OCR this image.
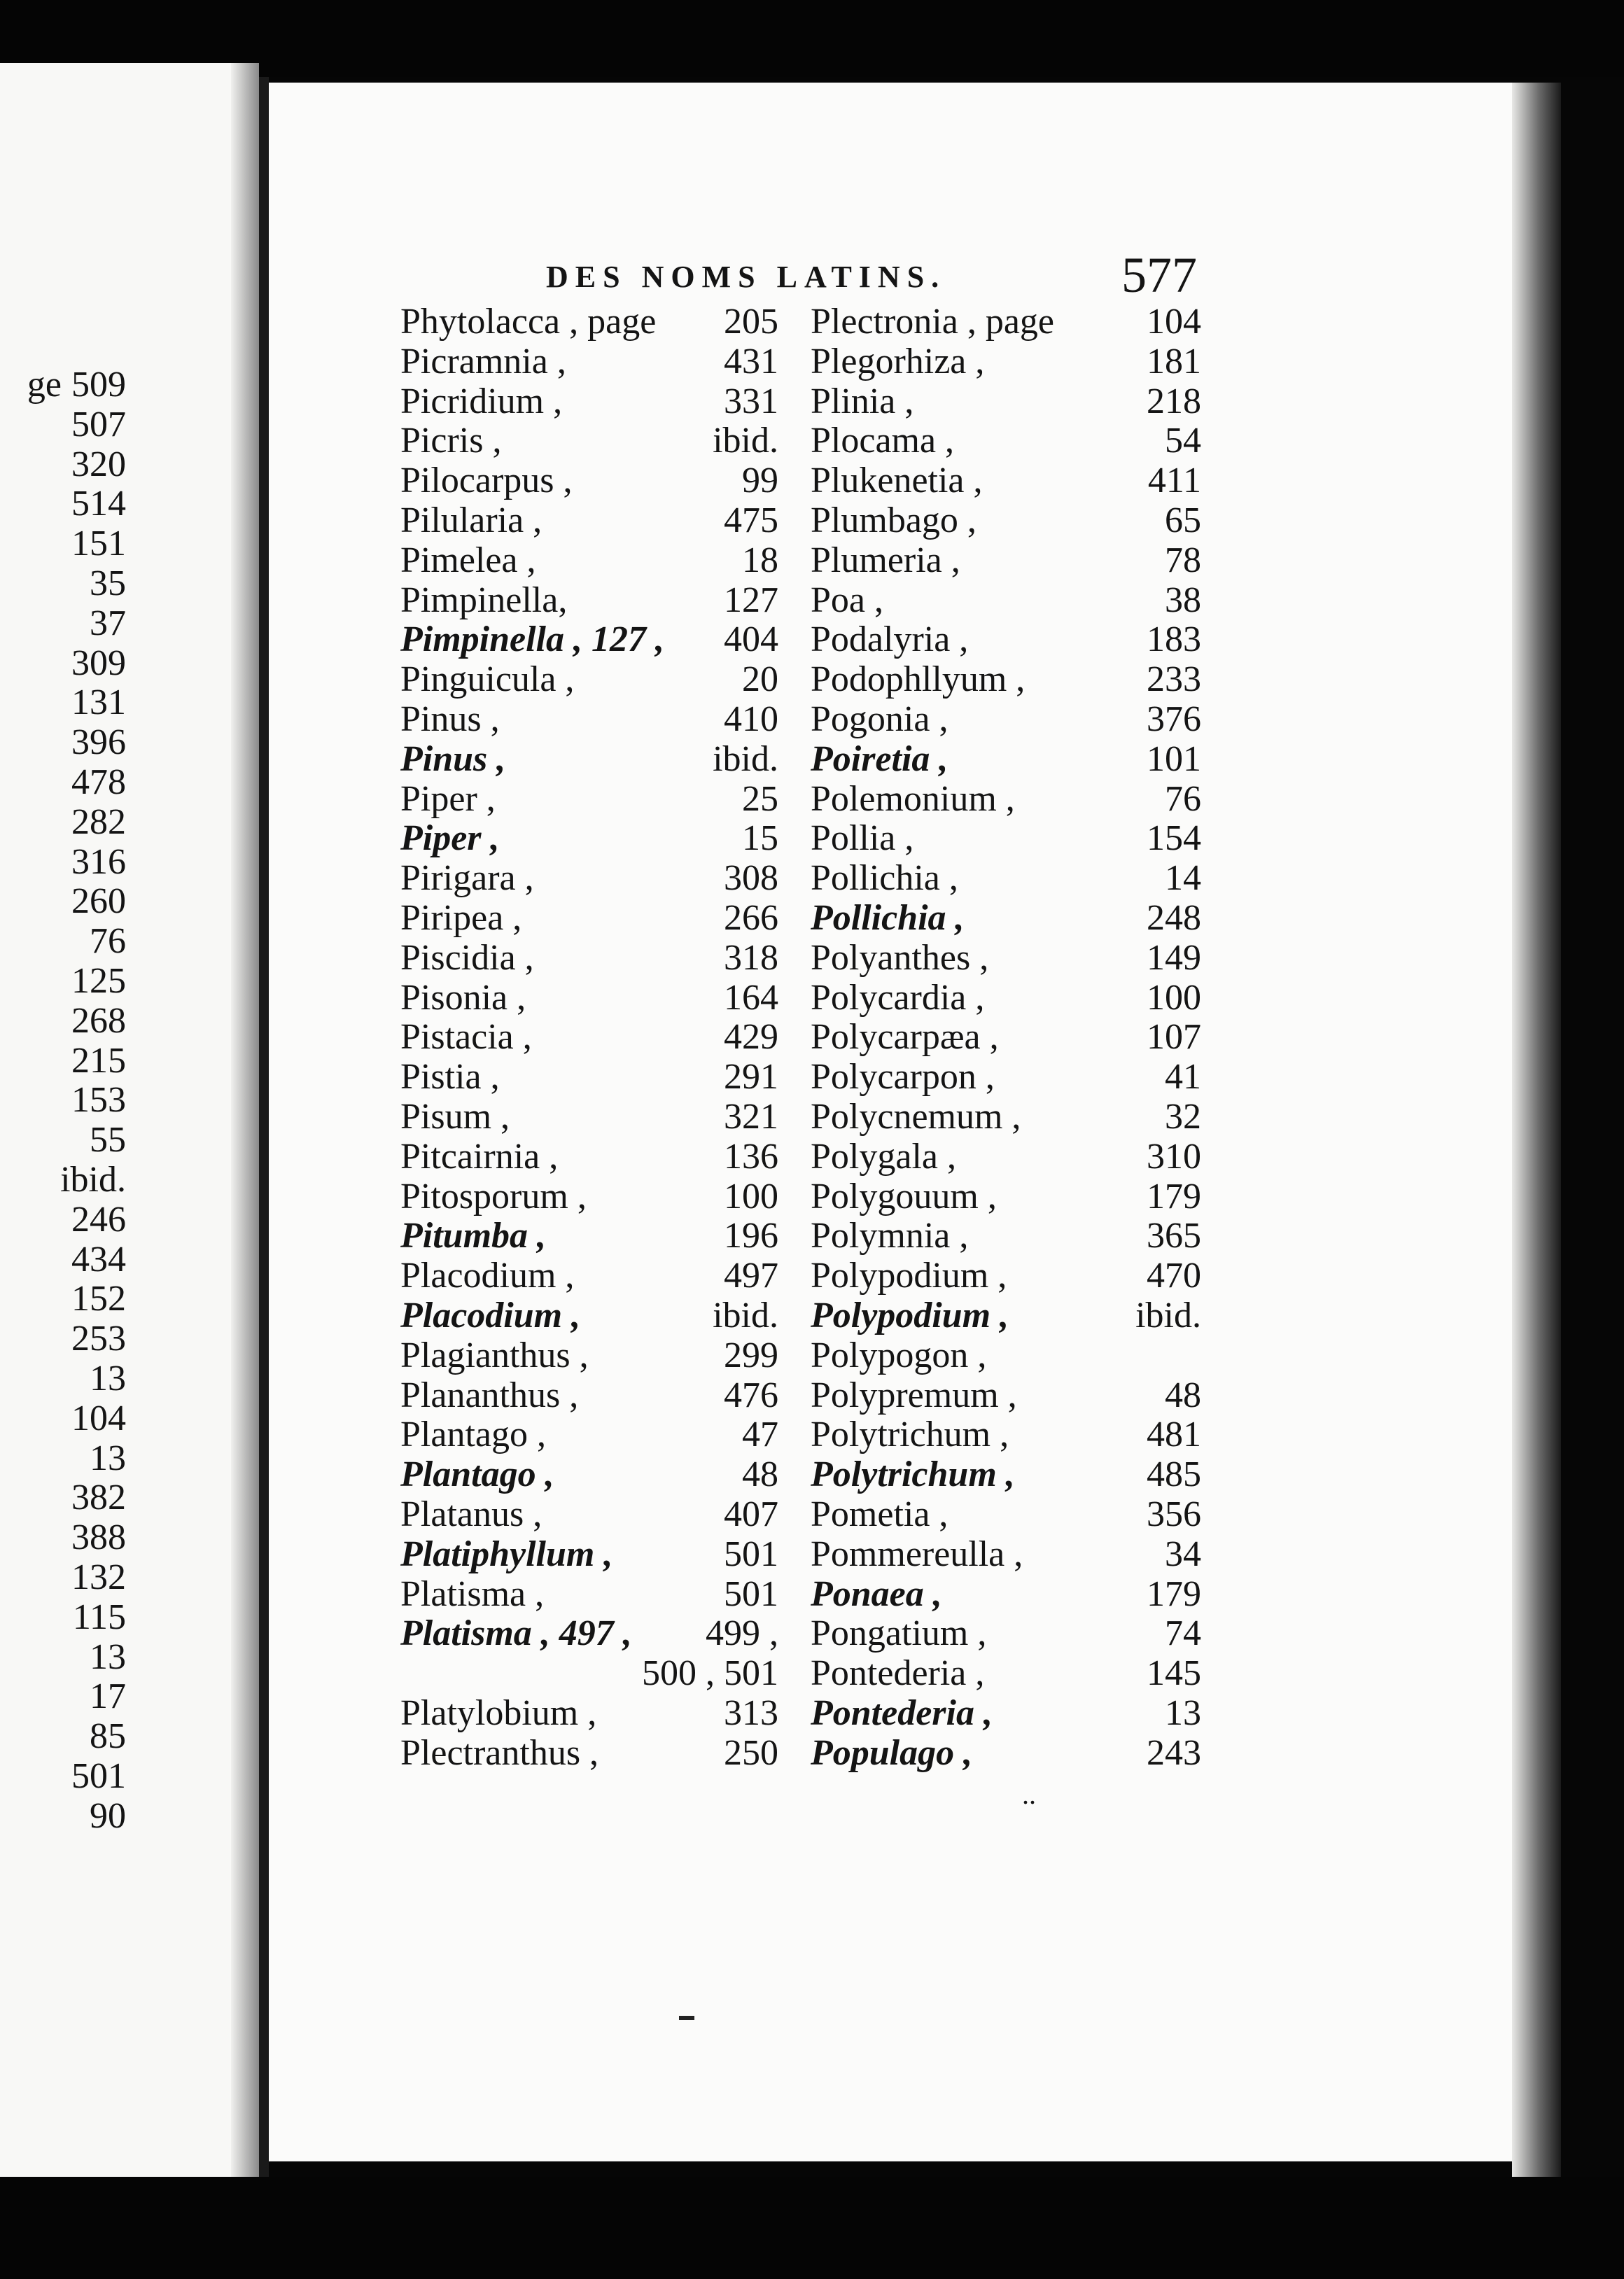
ge 509
507
320
514
151
35
37
309
131
396
478
282
316
260
76
125
268
215
153
55
ibid.
246
434
152
253
13
104
13
382
388
132
115
13
17
85
501
90
DES NOMS LATINS.	577
Phytolacca , page 205
Picramnia ,	431
Picridium ,	331
Picris ,	ibid.
Pilocarpus ,	99
Pilularia ,	475
Pimelea ,	18
Pimpinella,	127
Pimpinella , 127 , 404
Pinguicula ,	20
Pinus ,	410
Pinus ,	ibid.
Piper ,	25
Piper ,	15
Pirigara ,	308
Piripea ,	266
Piscidia ,	318
Pisonia ,	164
Pistacia ,	429
Pistia ,	291
Pisum ,	321
Pitcairnia ,	136
Pitosporum ,	100
Pitumba ,	196
Placodium ,	497
Placodium ,	ibid.
Plagianthus ,	299
Plananthus ,	476
Plantago ,	47
Plantago ,	48
Platanus ,	407
Platiphyllum ,	501
Platisma ,	501
Platisma , 497 , 499 ,
500 , 501
Platylobium ,	313
Plectranthus ,	250
Plectronia , page	104
Plegorhiza ,	181
Plinia ,	218
Plocama ,	54
Plukenetia ,	411
Plumbago ,	65
Plumeria ,	78
Poa ,	38
Podalyria ,	183
Podophllyum ,	233
Pogonia ,	376
Poiretia ,	101
Polemonium ,	76
Pollia ,	154
Pollichia ,	14
Pollichia ,	248
Polyanthes ,	149
Polycardia ,	100
Polycarpæa ,	107
Polycarpon ,	41
Polycnemum ,	32
Polygala ,	310
Polygouum ,	179
Polymnia ,	365
Polypodium ,	470
Polypodium ,	ibid.
Polypogon ,
Polypremum ,	48
Polytrichum ,	481
Polytrichum ,	485
Pometia ,	356
Pommereulla ,	34
Ponaea ,	179
Pongatium ,	74
Pontederia ,	145
Pontederia ,	13
Populago ,	243
..
